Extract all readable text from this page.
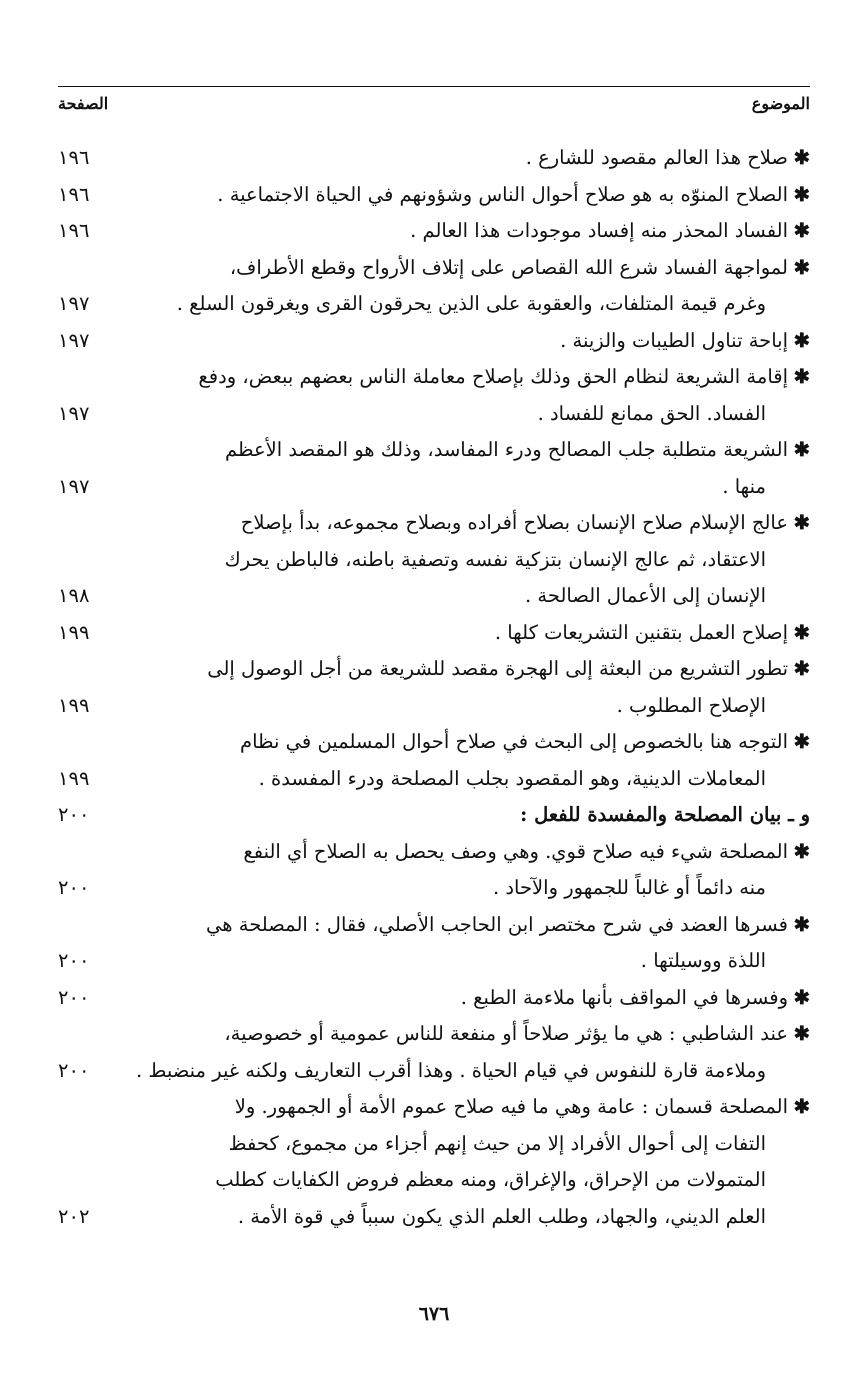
الموضوع
الصفحة
✱صلاح هذا العالم مقصود للشارع .
١٩٦
✱الصلاح المنوّه به هو صلاح أحوال الناس وشؤونهم في الحياة الاجتماعية .
١٩٦
✱الفساد المحذر منه إفساد موجودات هذا العالم .
١٩٦
✱لمواجهة الفساد شرع الله القصاص على إتلاف الأرواح وقطع الأطراف،
وغرم قيمة المتلفات، والعقوبة على الذين يحرقون القرى ويغرقون السلع .
١٩٧
✱إباحة تناول الطيبات والزينة .
١٩٧
✱إقامة الشريعة لنظام الحق وذلك بإصلاح معاملة الناس بعضهم ببعض، ودفع
الفساد. الحق ممانع للفساد .
١٩٧
✱الشريعة متطلبة جلب المصالح ودرء المفاسد، وذلك هو المقصد الأعظم
منها .
١٩٧
✱عالج الإسلام صلاح الإنسان بصلاح أفراده وبصلاح مجموعه، بدأ بإصلاح
الاعتقاد، ثم عالج الإنسان بتزكية نفسه وتصفية باطنه، فالباطن يحرك
الإنسان إلى الأعمال الصالحة .
١٩٨
✱إصلاح العمل بتقنين التشريعات كلها .
١٩٩
✱تطور التشريع من البعثة إلى الهجرة مقصد للشريعة من أجل الوصول إلى
الإصلاح المطلوب .
١٩٩
✱التوجه هنا بالخصوص إلى البحث في صلاح أحوال المسلمين في نظام
المعاملات الدينية، وهو المقصود بجلب المصلحة ودرء المفسدة .
١٩٩
و ـ بيان المصلحة والمفسدة للفعل :
٢٠٠
✱المصلحة شيء فيه صلاح قوي. وهي وصف يحصل به الصلاح أي النفع
منه دائماً أو غالباً للجمهور والآحاد .
٢٠٠
✱فسرها العضد في شرح مختصر ابن الحاجب الأصلي، فقال : المصلحة هي
اللذة ووسيلتها .
٢٠٠
✱وفسرها في المواقف بأنها ملاءمة الطبع .
٢٠٠
✱عند الشاطبي : هي ما يؤثر صلاحاً أو منفعة للناس عمومية أو خصوصية،
وملاءمة قارة للنفوس في قيام الحياة . وهذا أقرب التعاريف ولكنه غير منضبط .
٢٠٠
✱المصلحة قسمان : عامة وهي ما فيه صلاح عموم الأمة أو الجمهور. ولا
التفات إلى أحوال الأفراد إلا من حيث إنهم أجزاء من مجموع، كحفظ
المتمولات من الإحراق، والإغراق، ومنه معظم فروض الكفايات كطلب
العلم الديني، والجهاد، وطلب العلم الذي يكون سبباً في قوة الأمة .
٢٠٢
٦٧٦
